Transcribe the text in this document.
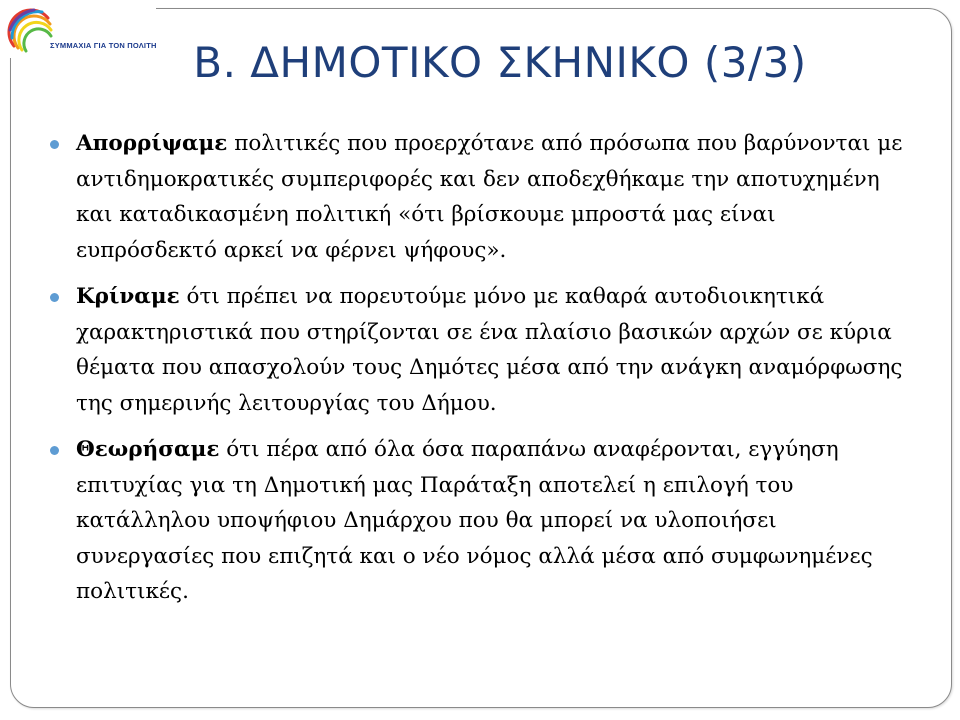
ΣΥΜΜΑΧΙΑ ΓΙΑ ΤΟΝ ΠΟΛΙΤΗ Β. ΔΗΜΟΤΙΚΟ ΣΚΗΝΙΚΟ (3/3)
Απορρίψαμε πολιτικές που προερχότανε από πρόσωπα που βαρύνονται με αντιδημοκρατικές συμπεριφορές και δεν αποδεχθήκαμε την αποτυχημένη και καταδικασμένη πολιτική «ότι βρίσκουμε μπροστά μας είναι ευπρόσδεκτό αρκεί να φέρνει ψήφους».
Κρίναμε ότι πρέπει να πορευτούμε μόνο με καθαρά αυτοδιοικητικά χαρακτηριστικά που στηρίζονται σε ένα πλαίσιο βασικών αρχών σε κύρια θέματα που απασχολούν τους Δημότες μέσα από την ανάγκη αναμόρφωσης της σημερινής λειτουργίας του Δήμου.
Θεωρήσαμε ότι πέρα από όλα όσα παραπάνω αναφέρονται, εγγύηση επιτυχίας για τη Δημοτική μας Παράταξη αποτελεί η επιλογή του κατάλληλου υποψήφιου Δημάρχου που θα μπορεί να υλοποιήσει συνεργασίες που επιζητά και ο νέο νόμος αλλά μέσα από συμφωνημένες πολιτικές.
